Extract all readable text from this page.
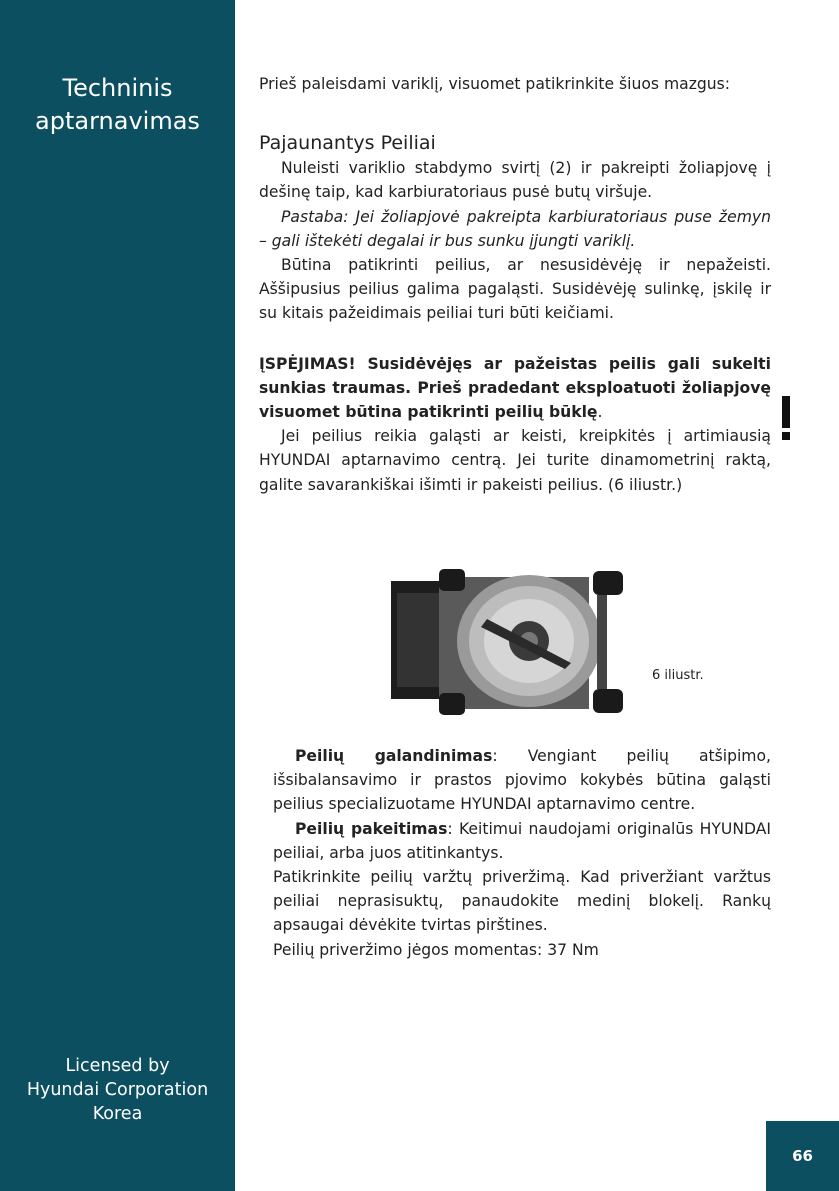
Techninis
aptarnavimas
Licensed by
Hyundai Corporation
Korea

Prieš paleisdami variklį, visuomet patikrinkite šiuos mazgus:

Pajaunantys Peiliai

Nuleisti variklio stabdymo svirtį (2) ir pakreipti žoliapjovę į dešinę taip, kad karbiuratoriaus pusė butų viršuje.

Pastaba: Jei žoliapjovė pakreipta karbiuratoriaus puse žemyn – gali ištekėti degalai ir bus sunku įjungti variklį.

Būtina patikrinti peilius, ar nesusidėvėję ir nepažeisti. Aššipusius peilius galima pagaląsti. Susidėvėję sulinkę, įskilę ir su kitais pažeidimais peiliai turi būti keičiami.

ĮSPĖJIMAS! Susidėvėjęs ar pažeistas peilis gali sukelti sunkias traumas. Prieš pradedant eksploatuoti žoliapjovę visuomet būtina patikrinti peilių būklę.

Jei peilius reikia galąsti ar keisti, kreipkitės į artimiausią HYUNDAI aptarnavimo centrą. Jei turite dinamometrinį raktą, galite savarankiškai išimti ir pakeisti peilius. (6 iliustr.)

6 iliustr.

Peilių galandinimas: Vengiant peilių atšipimo, išsibalansavimo ir prastos pjovimo kokybės būtina galąsti peilius specializuotame HYUNDAI aptarnavimo centre.

Peilių pakeitimas: Keitimui naudojami originalūs HYUNDAI peiliai, arba juos atitinkantys.

Patikrinkite peilių varžtų priveržimą. Kad priveržiant varžtus peiliai neprasisuktų, panaudokite medinį blokelį. Rankų apsaugai dėvėkite tvirtas pirštines.

Peilių priveržimo jėgos momentas: 37 Nm

66
